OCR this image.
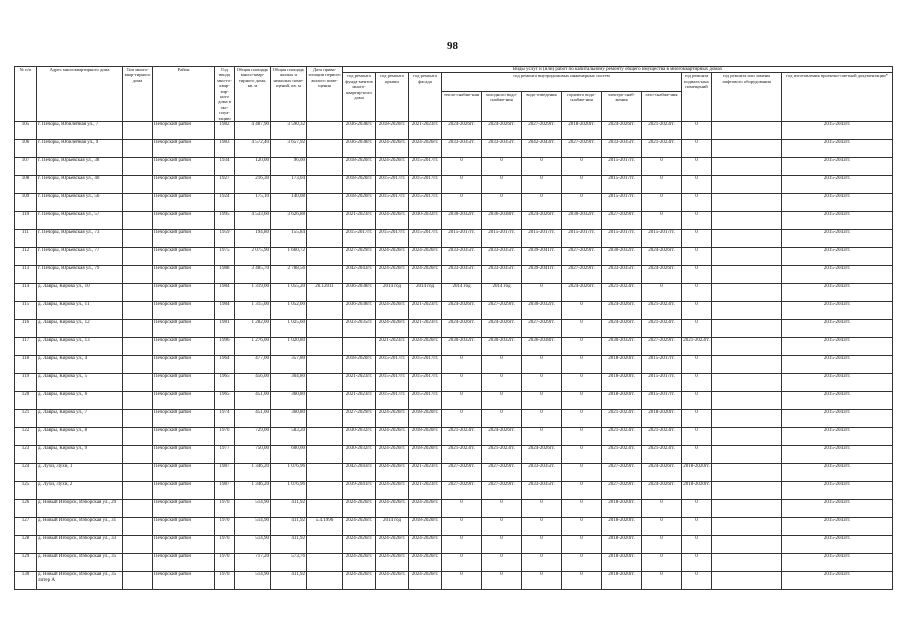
98
№ п/п	Адрес многоквартирного дома	Тип много-квар-тирного дома	Район	Год ввода мно-го-квар-тир-ного дома в экс-плуа-тацию	Общая площадь много-квар-тирного дома, кв. м	Общая площадь жилых и нежилых поме-щений, кв. м	Дата прива-тизации первого жилого поме-щения	Виды услуг и (или) работ по капитальному ремонту общего имущества в многоквартирных домах											
								год ремонта фунда-ментов много-квартир-ного дома	год ремонта крыши	год ремонта фасада	год ремонта внутридомовых инженерных систем						год ремонта подваль-ных помещений	год ремонта или замены лифтового оборудования	год изготовления проектно-сметной документации*
											тепло-снабже-ния	холодного водо-снабже-ния	водо-отведения	горячего водо-снабже-ния	электро-снаб-жения	газо-снабже-ния			
105	г. Печоры, Юбилейная ул., 7		Печорский район	1982	4 487,90	3 590,32		2036-2038гг.	2018-2020гг.	2021-2023гг.	2024-2026гг.	2024-2026гг.	2027-2029гг.	2018-2020гг.	2024-2026гг.	2021-2023гг.	0		2015-2043гг.
106	г. Печоры, Юбилейная ул., 9		Печорский район	1983	4 572,40	3 657,92		2036-2038гг.	2024-2026гг.	2024-2026гг.	2033-2035гг.	2033-2035гг.	2042-2043гг.	2027-2029гг.	2033-2035гг.	2021-2023гг.	0		2015-2043гг.
107	г. Печоры, Юрьевская ул., 38		Печорский район	1934	120,00	96,00		2018-2020гг.	2024-2026гг.	2015-2017гг.	0	0	0	0	2015-2017гг.	0	0		2015-2043гг.
108	г. Печоры, Юрьевская ул., 40		Печорский район	1927	216,30	173,04		2018-2020гг.	2015-2017гг.	2015-2017гг.	0	0	0	0	2015-2017гг.	0	0		2015-2043гг.
109	г. Печоры, Юрьевская ул., 56		Печорский район	1924	175,10	140,08		2018-2020гг.	2015-2017гг.	2015-2017гг.	0	0	0	0	2015-2017гг.	0	0		2015-2043гг.
110	г. Печоры, Юрьевская ул., 57		Печорский район	1995	4 533,60	3 626,88		2021-2023гг.	2024-2026гг.	2030-2032гг.	2030-2032гг.	2036-2038гг.	2024-2026гг.	2030-2032гг.	2027-2029гг.	0	0		2015-2043гг.
111	г. Печоры, Юрьевская ул., 73		Печорский район	1959	194,80	155,84		2015-2017гг.	2015-2017гг.	2015-2017гг.	2015-2017гг.	2015-2017гг.	2015-2017гг.	2015-2017гг.	2015-2017гг.	2015-2017гг.	0		2015-2043гг.
112	г. Печоры, Юрьевская ул., 77		Печорский район	1975	2 075,90	1 660,72		2027-2029гг.	2024-2026гг.	2024-2026гг.	2033-2035гг.	2033-2035гг.	2039-2041гг.	2027-2029гг.	2030-2032гг.	2024-2026гг.	0		2015-2043гг.
113	г. Печоры, Юрьевская ул., 79		Печорский район	1988	3 485,70	2 788,56		2042-2043гг.	2024-2026гг.	2024-2026гг.	2033-2035гг.	2033-2035гг.	2039-2041гг.	2027-2029гг.	2033-2035гг.	2024-2026гг.	0		2015-2043гг.
114	д. Лавры, Кирова ул., 10		Печорский район	1984	1 319,00	1 055,20	26.12011	2036-2038гг.	2014 год	2014 год	2014 год	2014 год	0	2024-2026гг.	2021-2023гг.	0	0		2015-2043гг.
115	д. Лавры, Кирова ул., 11		Печорский район	1984	1 315,00	1 052,00		2036-2038гг.	2024-2026гг.	2021-2023гг.	2024-2026гг.	2027-2029гг.	2030-2032гг.	0	2024-2026гг.	2021-2023гг.	0		2015-2043гг.
116	д. Лавры, Кирова ул., 12		Печорский район	1981	1 282,00	1 025,60		2033-2035гг.	2024-2026гг.	2021-2023гг.	2024-2026гг.	2024-2026гг.	2027-2029гг.	0	2024-2026гг.	2021-2023гг.	0		2015-2043гг.
117	д. Лавры, Кирова ул., 13		Печорский район	1996	1 276,00	1 020,80			2021-2023гг.	2024-2026гг.	2030-2032гг.	2030-2032гг.	2036-2038гг.	0	2030-2032гг.	2027-2029гг.	2021-2023гг.		2015-2043гг.
118	д. Лавры, Кирова ул., 4		Печорский район	1964	477,00	357,80		2018-2020гг.	2015-2017гг.	2015-2017гг.	0	0	0	0	2018-2020гг.	2015-2017гг.	0		2015-2043гг.
119	д. Лавры, Кирова ул., 5		Печорский район	1965	456,00	364,80		2021-2023гг.	2015-2017гг.	2015-2017гг.	0	0	0	0	2018-2020гг.	2015-2017гг.	0		2015-2043гг.
120	д. Лавры, Кирова ул., 6		Печорский район	1965	451,00	360,80		2021-2023гг.	2015-2017гг.	2015-2017гг.	0	0	0	0	2018-2020гг.	2015-2017гг.	0		2015-2043гг.
121	д. Лавры, Кирова ул., 7		Печорский район	1974	451,00	360,80		2027-2029гг.	2024-2026гг.	2018-2020гг.	0	0	0	0	2021-2023гг.	2018-2020гг.	0		2015-2043гг.
122	д. Лавры, Кирова ул., 8		Печорский район	1976	729,00	583,20		2030-2032гг.	2024-2026гг.	2018-2020гг.	2021-2023гг.	2024-2026гг.	0	0	2021-2023гг.	2021-2023гг.	0		2015-2043гг.
123	д. Лавры, Кирова ул., 9		Печорский район	1977	750,00	600,00		2030-2032гг.	2024-2026гг.	2018-2020гг.	2021-2023гг.	2021-2023гг.	2024-2026гг.	0	2021-2023гг.	2021-2023гг.	0		2015-2043гг.
124	д. Лухи, Лухи, 1		Печорский район	1987	1 346,20	1 076,96		2042-2043гг.	2024-2026гг.	2021-2023гг.	2027-2029гг.	2027-2029гг.	2033-2035гг.	0	2027-2029гг.	2024-2026гг.	2018-2020гг.		2015-2043гг.
125	д. Лухи, Лухи, 2		Печорский район	1987	1 346,20	1 076,96		2039-2041гг.	2024-2026гг.	2021-2023гг.	2027-2029гг.	2027-2029гг.	2033-2035гг.	0	2027-2029гг.	2024-2026гг.	2018-2020гг.		2015-2043гг.
126	д. Новый Изборск, Изборская ул., 29		Печорский район	1970	514,90	411,92		2024-2026гг.	2024-2026гг.	2024-2026гг.	0	0	0	0	2018-2020гг.	0	0		2015-2043гг.
127	д. Новый Изборск, Изборская ул., 31		Печорский район	1970	514,90	411,92	5.4.1996	2024-2026гг.	2014 год	2018-2020гг.	0	0	0	0	2018-2020гг.	0	0		2015-2043гг.
128	д. Новый Изборск, Изборская ул., 33		Печорский район	1970	514,90	411,92		2024-2026гг.	2024-2026гг.	2024-2026гг.	0	0	0	0	2018-2020гг.	0	0		2015-2043гг.
129	д. Новый Изборск, Изборская ул., 35		Печорский район	1970	717,20	573,76		2024-2026гг.	2024-2026гг.	2024-2026гг.	0	0	0	0	2018-2020гг.	0	0		2015-2043гг.
130	д. Новый Изборск, Изборская ул., 35 литер А		Печорский район	1970	514,90	411,92		2024-2026гг.	2024-2026гг.	2024-2026гг.	0	0	0	0	2018-2020гг.	0	0		2015-2043гг.
